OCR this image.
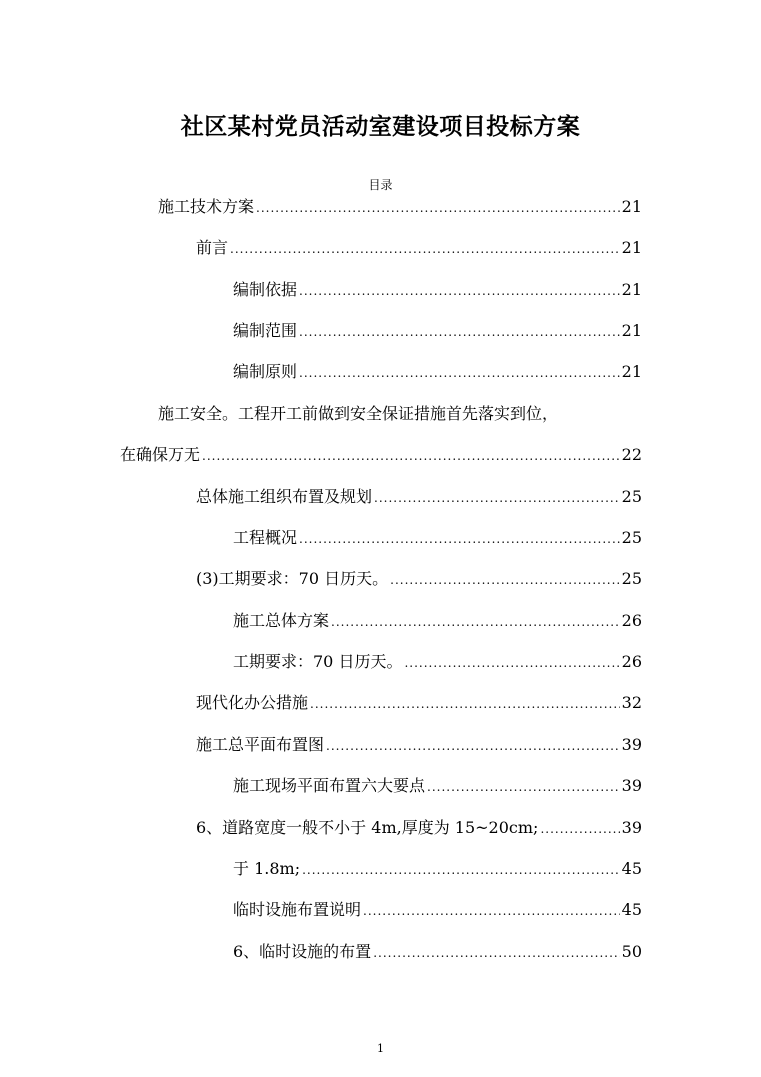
社区某村党员活动室建设项目投标方案
目录
施工技术方案 .....	21
前言 .....	21
编制依据 .....	21
编制范围 .....	21
编制原则 .....	21
施工安全。工程开工前做到安全保证措施首先落实到位，
在确保万无 .....	22
总体施工组织布置及规划 .....	25
工程概况 .....	25
(3)工期要求：70 日历天。 .....	25
施工总体方案 .....	26
工期要求：70 日历天。 .....	26
现代化办公措施 .....	32
施工总平面布置图 .....	39
施工现场平面布置六大要点 .....	39
6、道路宽度一般不小于 4m,厚度为 15~20cm; .....	39
于 1.8m; .....	45
临时设施布置说明 .....	45
6、临时设施的布置 .....	50
1
